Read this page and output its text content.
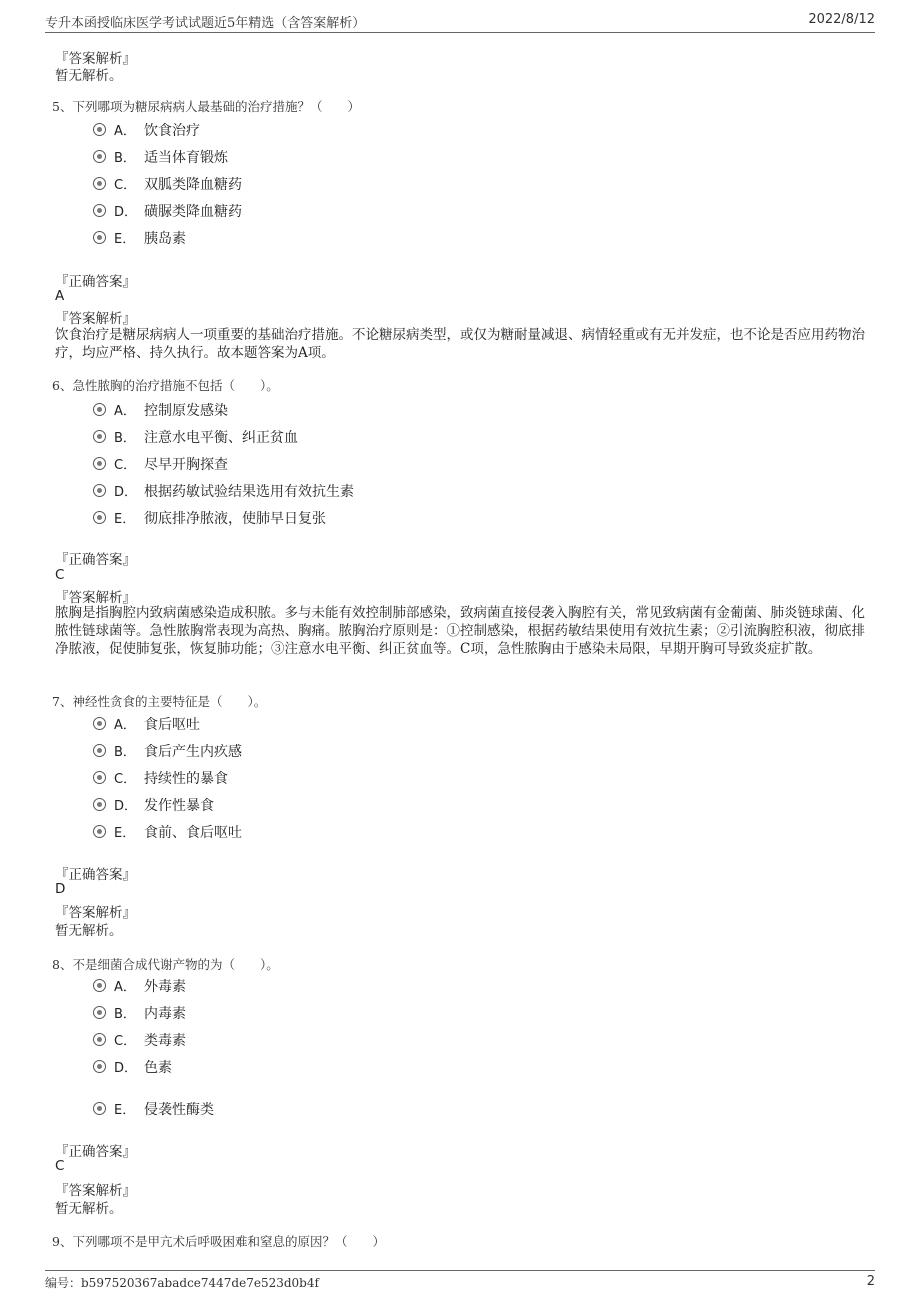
专升本函授临床医学考试试题近5年精选（含答案解析）	2022/8/12
『答案解析』
暂无解析。
5、下列哪项为糖尿病病人最基础的治疗措施？（　　）
A． 饮食治疗
B． 适当体育锻炼
C． 双胍类降血糖药
D． 磺脲类降血糖药
E． 胰岛素
『正确答案』
A
『答案解析』
饮食治疗是糖尿病病人一项重要的基础治疗措施。不论糖尿病类型，或仅为糖耐量减退、病情轻重或有无并发症，也不论是否应用药物治疗，均应严格、持久执行。故本题答案为A项。
6、急性脓胸的治疗措施不包括（　　）。
A． 控制原发感染
B． 注意水电平衡、纠正贫血
C． 尽早开胸探查
D． 根据药敏试验结果选用有效抗生素
E． 彻底排净脓液，使肺早日复张
『正确答案』
C
『答案解析』
脓胸是指胸腔内致病菌感染造成积脓。多与未能有效控制肺部感染，致病菌直接侵袭入胸腔有关，常见致病菌有金葡菌、肺炎链球菌、化脓性链球菌等。急性脓胸常表现为高热、胸痛。脓胸治疗原则是：①控制感染，根据药敏结果使用有效抗生素；②引流胸腔积液，彻底排净脓液，促使肺复张，恢复肺功能；③注意水电平衡、纠正贫血等。C项，急性脓胸由于感染未局限，早期开胸可导致炎症扩散。
7、神经性贪食的主要特征是（　　）。
A． 食后呕吐
B． 食后产生内疚感
C． 持续性的暴食
D． 发作性暴食
E． 食前、食后呕吐
『正确答案』
D
『答案解析』
暂无解析。
8、不是细菌合成代谢产物的为（　　）。
A． 外毒素
B． 内毒素
C． 类毒素
D． 色素
E． 侵袭性酶类
『正确答案』
C
『答案解析』
暂无解析。
9、下列哪项不是甲亢术后呼吸困难和窒息的原因？（　　）
编号：b597520367abadce7447de7e523d0b4f	2
